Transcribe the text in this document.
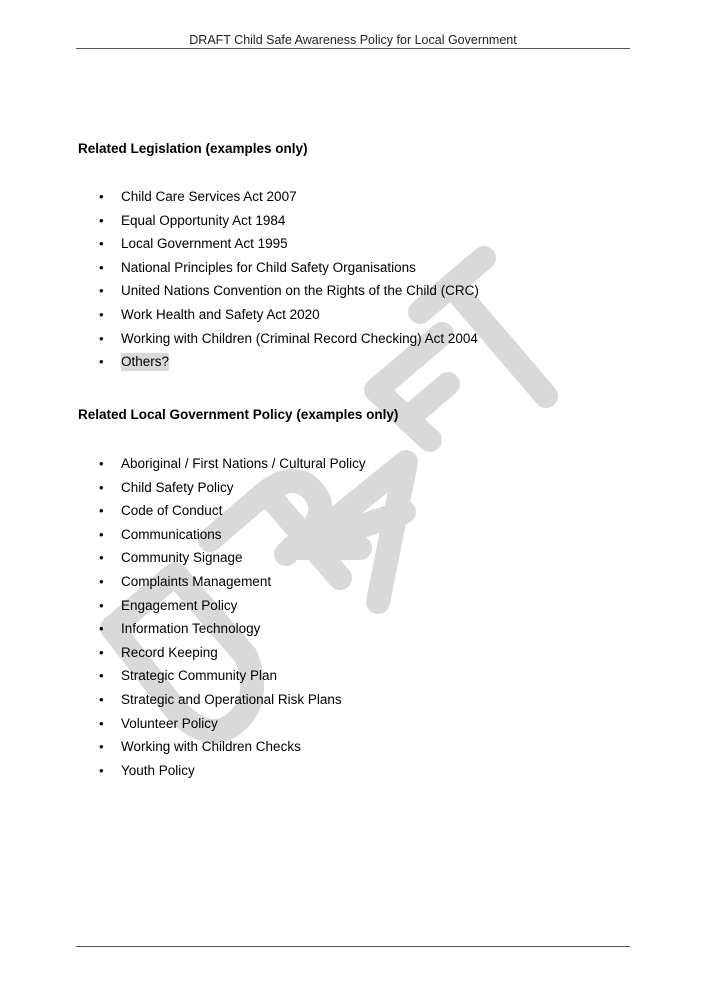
DRAFT Child Safe Awareness Policy for Local Government
Related Legislation (examples only)
• Child Care Services Act 2007
• Equal Opportunity Act 1984
• Local Government Act 1995
• National Principles for Child Safety Organisations
• United Nations Convention on the Rights of the Child (CRC)
• Work Health and Safety Act 2020
• Working with Children (Criminal Record Checking) Act 2004
• Others?
Related Local Government Policy (examples only)
• Aboriginal / First Nations / Cultural Policy
• Child Safety Policy
• Code of Conduct
• Communications
• Community Signage
• Complaints Management
• Engagement Policy
• Information Technology
• Record Keeping
• Strategic Community Plan
• Strategic and Operational Risk Plans
• Volunteer Policy
• Working with Children Checks
• Youth Policy
